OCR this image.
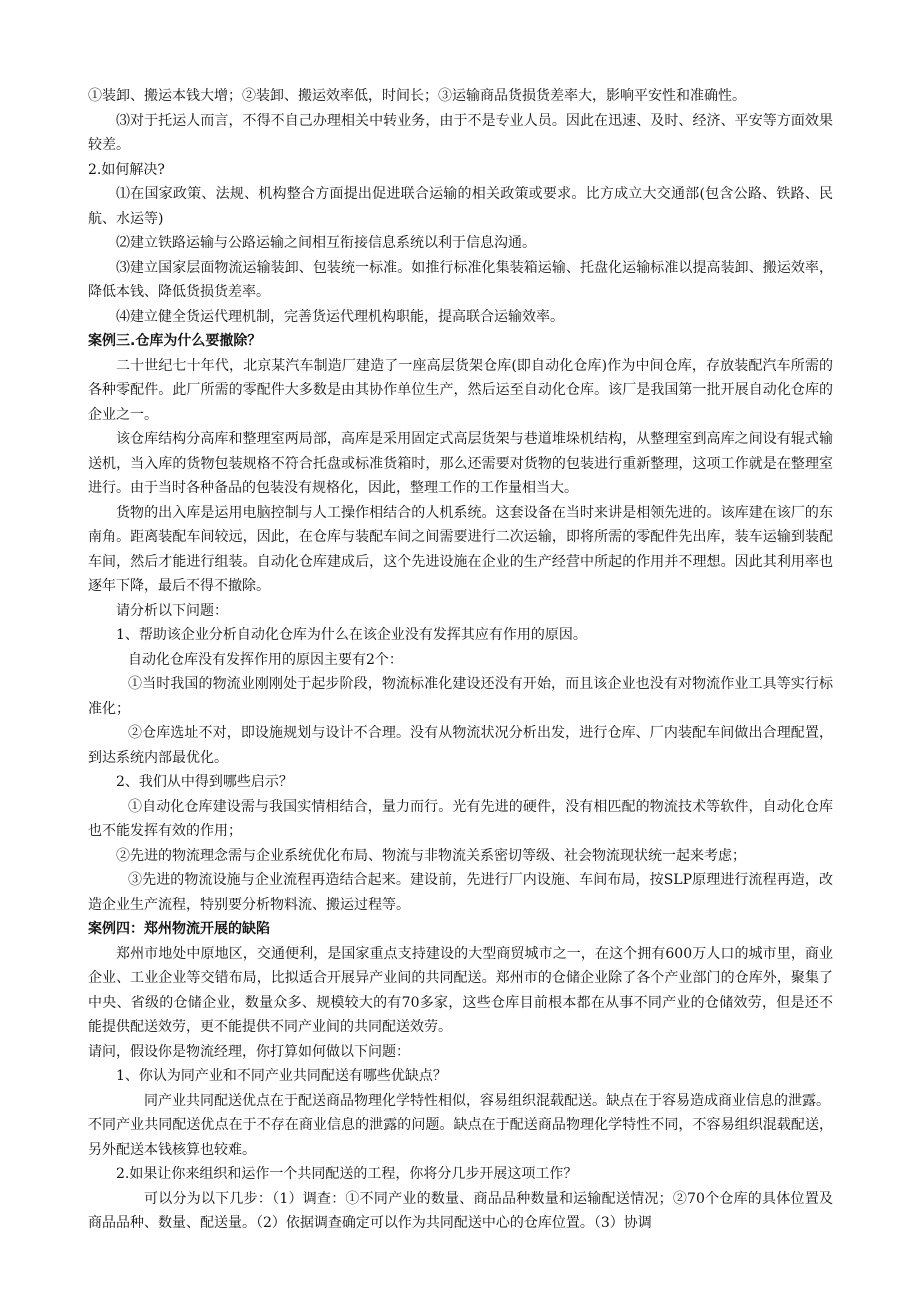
①装卸、搬运本钱大增；②装卸、搬运效率低，时间长；③运输商品货损货差率大，影响平安性和准确性。

⑶对于托运人而言，不得不自己办理相关中转业务，由于不是专业人员。因此在迅速、及时、经济、平安等方面效果较差。

2.如何解决?

⑴在国家政策、法规、机构整合方面提出促进联合运输的相关政策或要求。比方成立大交通部(包含公路、铁路、民航、水运等)

⑵建立铁路运输与公路运输之间相互衔接信息系统以利于信息沟通。

⑶建立国家层面物流运输装卸、包装统一标准。如推行标准化集装箱运输、托盘化运输标准以提高装卸、搬运效率，降低本钱、降低货损货差率。

⑷建立健全货运代理机制，完善货运代理机构职能，提高联合运输效率。

案例三.仓库为什么要撤除？

二十世纪七十年代，北京某汽车制造厂建造了一座高层货架仓库(即自动化仓库)作为中间仓库，存放装配汽车所需的各种零配件。此厂所需的零配件大多数是由其协作单位生产，然后运至自动化仓库。该厂是我国第一批开展自动化仓库的企业之一。

该仓库结构分高库和整理室两局部，高库是采用固定式高层货架与巷道堆垛机结构，从整理室到高库之间设有辊式输送机，当入库的货物包装规格不符合托盘或标准货箱时，那么还需要对货物的包装进行重新整理，这项工作就是在整理室进行。由于当时各种备品的包装没有规格化，因此，整理工作的工作量相当大。

货物的出入库是运用电脑控制与人工操作相结合的人机系统。这套设备在当时来讲是相领先进的。该库建在该厂的东南角。距离装配车间较远，因此，在仓库与装配车间之间需要进行二次运输，即将所需的零配件先出库，装车运输到装配车间，然后才能进行组装。自动化仓库建成后，这个先进设施在企业的生产经营中所起的作用并不理想。因此其利用率也逐年下降，最后不得不撤除。

请分析以下问题：

1、帮助该企业分析自动化仓库为什么在该企业没有发挥其应有作用的原因。

自动化仓库没有发挥作用的原因主要有2个：

①当时我国的物流业刚刚处于起步阶段，物流标准化建设还没有开始，而且该企业也没有对物流作业工具等实行标准化；

②仓库选址不对，即设施规划与设计不合理。没有从物流状况分析出发，进行仓库、厂内装配车间做出合理配置，到达系统内部最优化。

2、我们从中得到哪些启示？

①自动化仓库建设需与我国实情相结合，量力而行。光有先进的硬件，没有相匹配的物流技术等软件，自动化仓库也不能发挥有效的作用；

②先进的物流理念需与企业系统优化布局、物流与非物流关系密切等级、社会物流现状统一起来考虑；

③先进的物流设施与企业流程再造结合起来。建设前，先进行厂内设施、车间布局，按SLP原理进行流程再造，改造企业生产流程，特别要分析物料流、搬运过程等。

案例四：郑州物流开展的缺陷

郑州市地处中原地区，交通便利，是国家重点支持建设的大型商贸城市之一，在这个拥有600万人口的城市里，商业企业、工业企业等交错布局，比拟适合开展异产业间的共同配送。郑州市的仓储企业除了各个产业部门的仓库外，聚集了中央、省级的仓储企业，数量众多、规模较大的有70多家，这些仓库目前根本都在从事不同产业的仓储效劳，但是还不能提供配送效劳，更不能提供不同产业间的共同配送效劳。

请问，假设你是物流经理，你打算如何做以下问题：

1、你认为同产业和不同产业共同配送有哪些优缺点？

同产业共同配送优点在于配送商品物理化学特性相似，容易组织混载配送。缺点在于容易造成商业信息的泄露。

不同产业共同配送优点在于不存在商业信息的泄露的问题。缺点在于配送商品物理化学特性不同，不容易组织混载配送，另外配送本钱核算也较难。

2.如果让你来组织和运作一个共同配送的工程，你将分几步开展这项工作？

可以分为以下几步：（1）调查：①不同产业的数量、商品品种数量和运输配送情况；②70个仓库的具体位置及商品品种、数量、配送量。（2）依据调查确定可以作为共同配送中心的仓库位置。（3）协调
